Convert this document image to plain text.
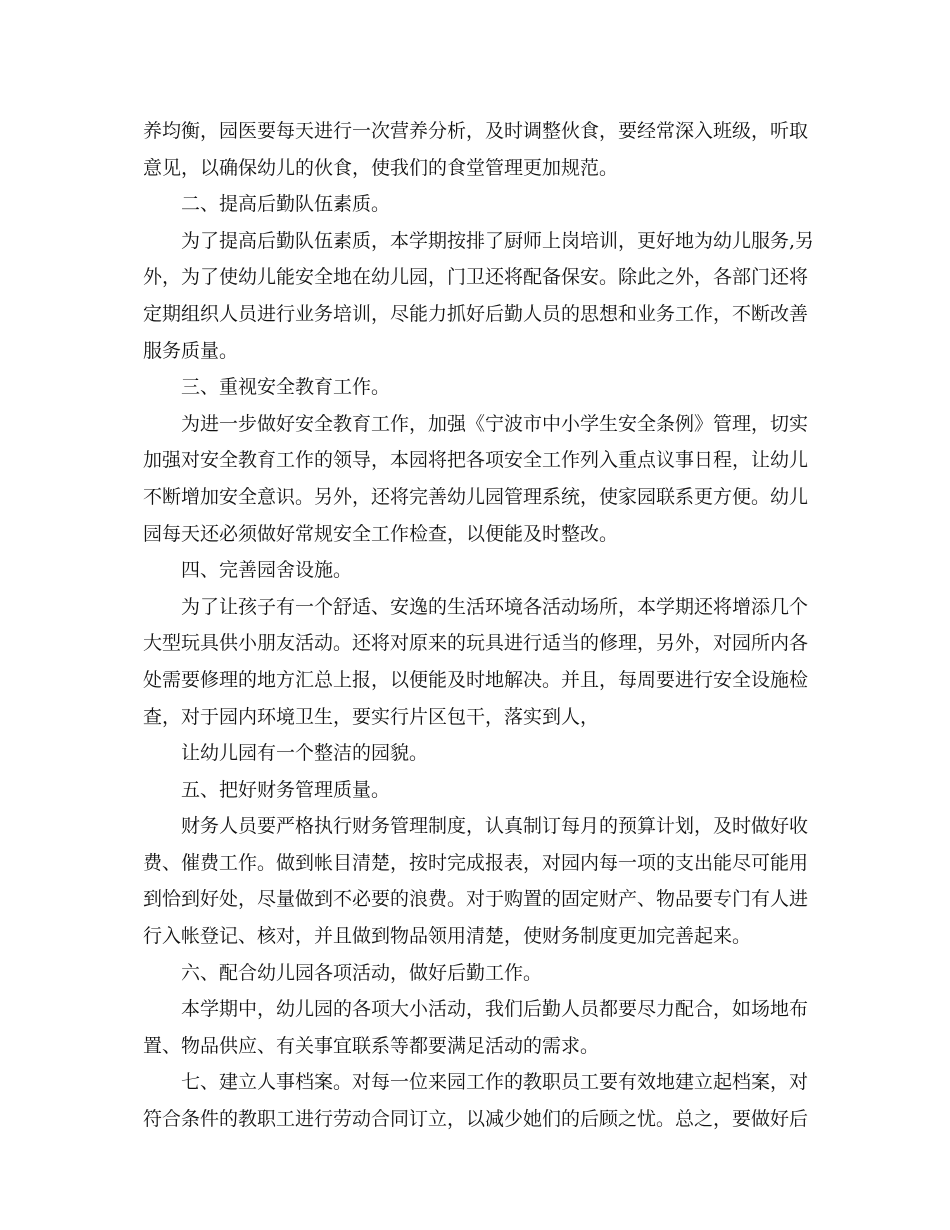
养均衡，园医要每天进行一次营养分析，及时调整伙食，要经常深入班级，听取
意见，以确保幼儿的伙食，使我们的食堂管理更加规范。
二、提高后勤队伍素质。
为了提高后勤队伍素质，本学期按排了厨师上岗培训，更好地为幼儿服务,另
外，为了使幼儿能安全地在幼儿园，门卫还将配备保安。除此之外，各部门还将
定期组织人员进行业务培训，尽能力抓好后勤人员的思想和业务工作，不断改善
服务质量。
三、重视安全教育工作。
为进一步做好安全教育工作，加强《宁波市中小学生安全条例》管理，切实
加强对安全教育工作的领导，本园将把各项安全工作列入重点议事日程，让幼儿
不断增加安全意识。另外，还将完善幼儿园管理系统，使家园联系更方便。幼儿
园每天还必须做好常规安全工作检查，以便能及时整改。
四、完善园舍设施。
为了让孩子有一个舒适、安逸的生活环境各活动场所，本学期还将增添几个
大型玩具供小朋友活动。还将对原来的玩具进行适当的修理，另外，对园所内各
处需要修理的地方汇总上报，以便能及时地解决。并且，每周要进行安全设施检
查，对于园内环境卫生，要实行片区包干，落实到人，
让幼儿园有一个整洁的园貌。
五、把好财务管理质量。
财务人员要严格执行财务管理制度，认真制订每月的预算计划，及时做好收
费、催费工作。做到帐目清楚，按时完成报表，对园内每一项的支出能尽可能用
到恰到好处，尽量做到不必要的浪费。对于购置的固定财产、物品要专门有人进
行入帐登记、核对，并且做到物品领用清楚，使财务制度更加完善起来。
六、配合幼儿园各项活动，做好后勤工作。
本学期中，幼儿园的各项大小活动，我们后勤人员都要尽力配合，如场地布
置、物品供应、有关事宜联系等都要满足活动的需求。
七、建立人事档案。对每一位来园工作的教职员工要有效地建立起档案，对
符合条件的教职工进行劳动合同订立，以减少她们的后顾之忧。总之，要做好后
